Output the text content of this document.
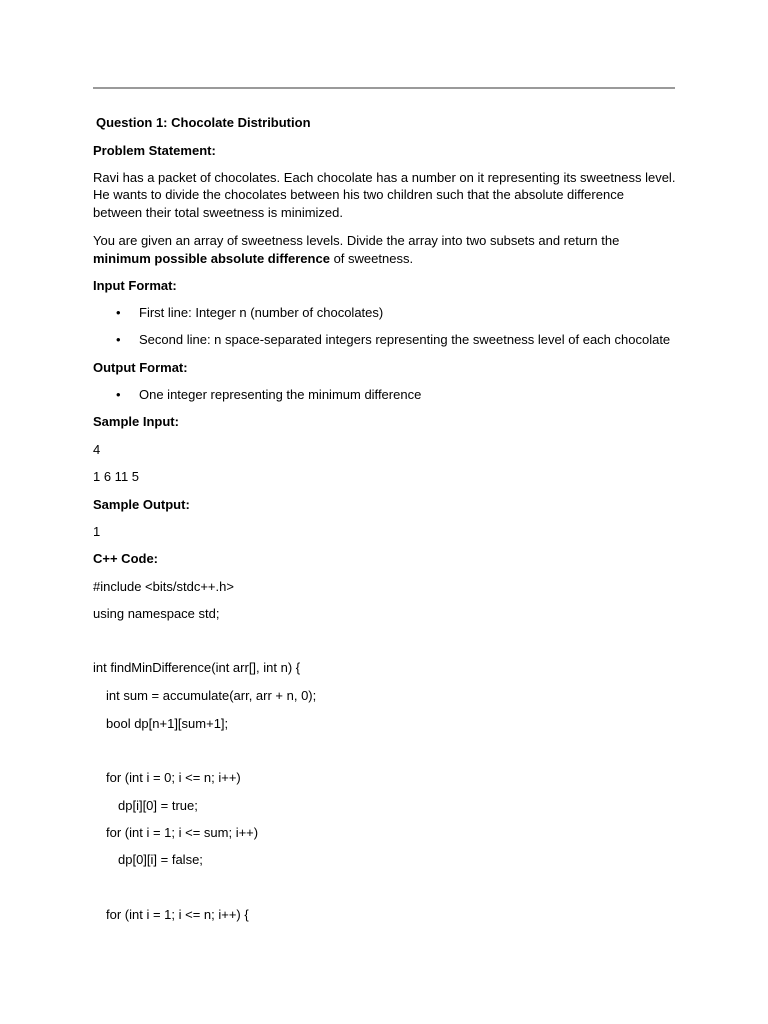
Question 1: Chocolate Distribution
Problem Statement:
Ravi has a packet of chocolates. Each chocolate has a number on it representing its sweetness level.
He wants to divide the chocolates between his two children such that the absolute difference
between their total sweetness is minimized.
You are given an array of sweetness levels. Divide the array into two subsets and return the
minimum possible absolute difference of sweetness.
Input Format:
• First line: Integer n (number of chocolates)
• Second line: n space-separated integers representing the sweetness level of each chocolate
Output Format:
• One integer representing the minimum difference
Sample Input:
4
1 6 11 5
Sample Output:
1
C++ Code:
#include <bits/stdc++.h>
using namespace std;
int findMinDifference(int arr[], int n) {
int sum = accumulate(arr, arr + n, 0);
bool dp[n+1][sum+1];
for (int i = 0; i <= n; i++)
dp[i][0] = true;
for (int i = 1; i <= sum; i++)
dp[0][i] = false;
for (int i = 1; i <= n; i++) {
